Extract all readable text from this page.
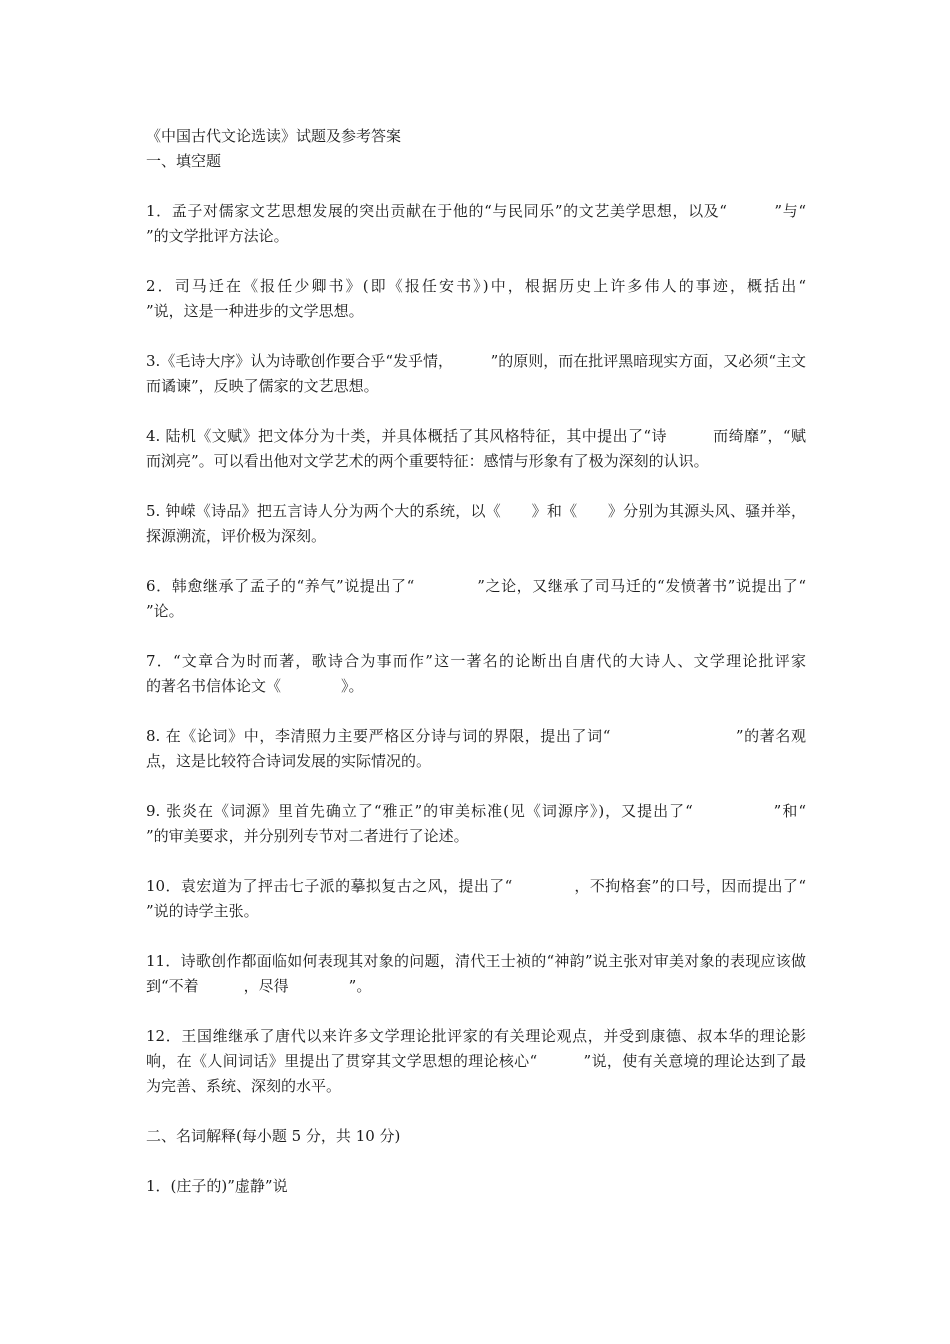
《中国古代文论选读》试题及参考答案

一、填空题

1．孟子对儒家文艺思想发展的突出贡献在于他的“与民同乐”的文艺美学思想，以及“　　　”与“　　　”的文学批评方法论。

2．司马迁在《报任少卿书》(即《报任安书》)中，根据历史上许多伟人的事迹，概括出“　　　　　　　　　　　　　　　　　　　　　　　　　　　　　　　　　　”说，这是一种进步的文学思想。

3.《毛诗大序》认为诗歌创作要合乎“发乎情，　　　”的原则，而在批评黑暗现实方面，又必须“主文而谲谏”，反映了儒家的文艺思想。

4. 陆机《文赋》把文体分为十类，并具体概括了其风格特征，其中提出了“诗　　　而绮靡”，“赋　　　而浏亮”。可以看出他对文学艺术的两个重要特征：感情与形象有了极为深刻的认识。

5. 钟嵘《诗品》把五言诗人分为两个大的系统，以《　　》和《　　》分别为其源头风、骚并举，探源溯流，评价极为深刻。

6．韩愈继承了孟子的“养气”说提出了“　　　　”之论，又继承了司马迁的“发愤著书”说提出了“　　　　”论。

7．“文章合为时而著，歌诗合为事而作”这一著名的论断出自唐代的大诗人、文学理论批评家　　　的著名书信体论文《　　　　》。

8. 在《论词》中，李清照力主要严格区分诗与词的界限，提出了词“　　　　　　　　”的著名观点，这是比较符合诗词发展的实际情况的。

9. 张炎在《词源》里首先确立了“雅正”的审美标准(见《词源序》)，又提出了“　　　　　”和“　　　　”的审美要求，并分别列专节对二者进行了论述。

10．袁宏道为了抨击七子派的摹拟复古之风，提出了“　　　　，不拘格套”的口号，因而提出了“　　　”说的诗学主张。

11．诗歌创作都面临如何表现其对象的问题，清代王士祯的“神韵”说主张对审美对象的表现应该做到“不着　　　，尽得　　　　”。

12．王国维继承了唐代以来许多文学理论批评家的有关理论观点，并受到康德、叔本华的理论影响，在《人间词话》里提出了贯穿其文学思想的理论核心“　　　”说，使有关意境的理论达到了最为完善、系统、深刻的水平。

二、名词解释(每小题 5 分，共 10 分)

1．(庄子的)”虚静”说
